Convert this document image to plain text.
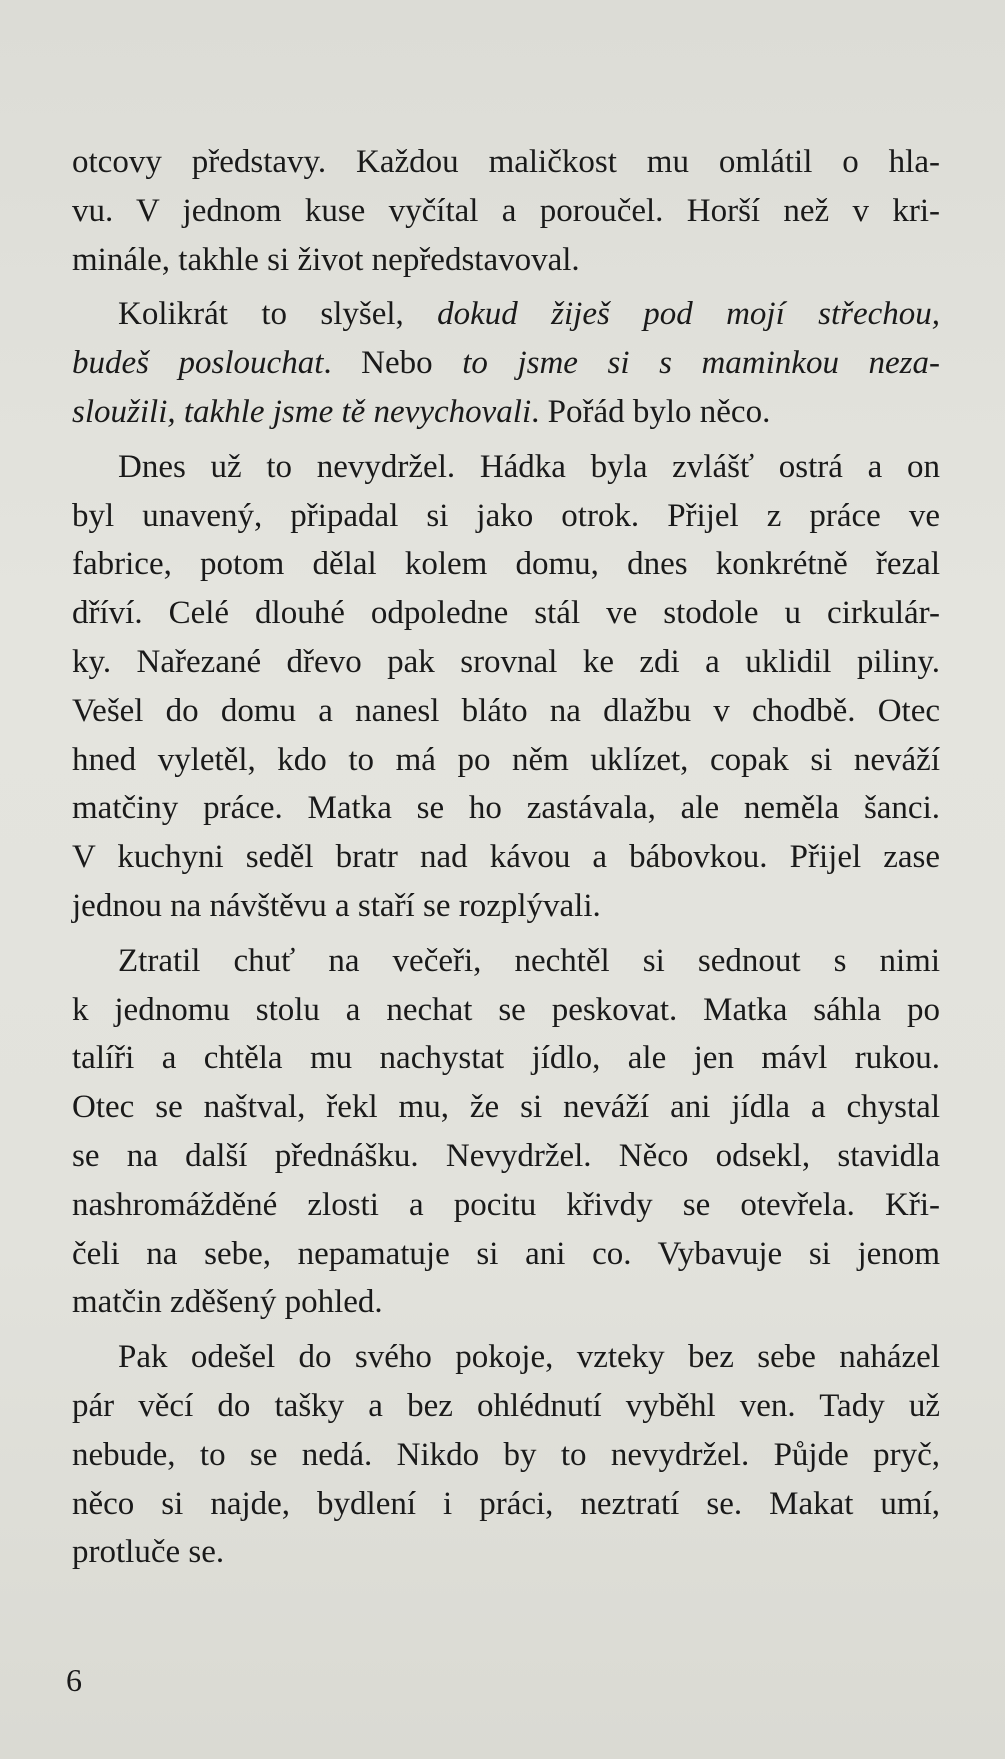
otcovy představy. Každou maličkost mu omlátil o hla-
vu. V jednom kuse vyčítal a poroučel. Horší než v kri-
minále, takhle si život nepředstavoval.
Kolikrát to slyšel, dokud žiješ pod mojí střechou,
budeš poslouchat. Nebo to jsme si s maminkou neza-
sloužili, takhle jsme tě nevychovali. Pořád bylo něco.
Dnes už to nevydržel. Hádka byla zvlášť ostrá a on
byl unavený, připadal si jako otrok. Přijel z práce ve
fabrice, potom dělal kolem domu, dnes konkrétně řezal
dříví. Celé dlouhé odpoledne stál ve stodole u cirkulár-
ky. Nařezané dřevo pak srovnal ke zdi a uklidil piliny.
Vešel do domu a nanesl bláto na dlažbu v chodbě. Otec
hned vyletěl, kdo to má po něm uklízet, copak si neváží
matčiny práce. Matka se ho zastávala, ale neměla šanci.
V kuchyni seděl bratr nad kávou a bábovkou. Přijel zase
jednou na návštěvu a staří se rozplývali.
Ztratil chuť na večeři, nechtěl si sednout s nimi
k jednomu stolu a nechat se peskovat. Matka sáhla po
talíři a chtěla mu nachystat jídlo, ale jen mávl rukou.
Otec se naštval, řekl mu, že si neváží ani jídla a chystal
se na další přednášku. Nevydržel. Něco odsekl, stavidla
nashromážděné zlosti a pocitu křivdy se otevřela. Kři-
čeli na sebe, nepamatuje si ani co. Vybavuje si jenom
matčin zděšený pohled.
Pak odešel do svého pokoje, vzteky bez sebe naházel
pár věcí do tašky a bez ohlédnutí vyběhl ven. Tady už
nebude, to se nedá. Nikdo by to nevydržel. Půjde pryč,
něco si najde, bydlení i práci, neztratí se. Makat umí,
protluče se.
6
